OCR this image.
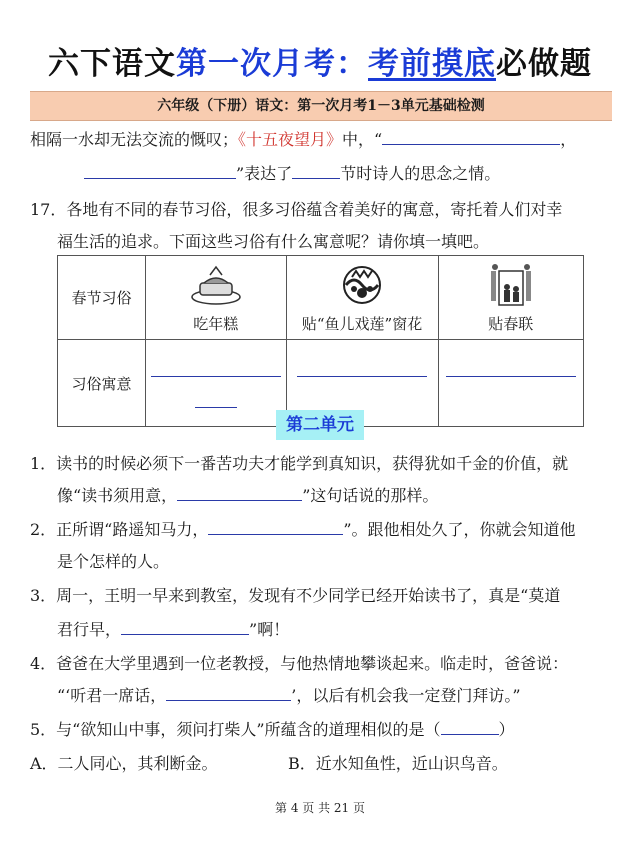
六下语文第一次月考：考前摸底必做题
六年级（下册）语文：第一次月考1－3单元基础检测
相隔一水却无法交流的慨叹；《十五夜望月》中，“	，
”表达了	节时诗人的思念之情。
17．各地有不同的春节习俗，很多习俗蕴含着美好的寓意，寄托着人们对幸
福生活的追求。下面这些习俗有什么寓意呢？请你填一填吧。
春节习俗	吃年糕	贴“鱼儿戏莲”窗花	贴春联
习俗寓意	

第二单元
1．读书的时候必须下一番苦功夫才能学到真知识，获得犹如千金的价值，就
像“读书须用意，	”这句话说的那样。
2．正所谓“路遥知马力，	”。跟他相处久了，你就会知道他
是个怎样的人。
3．周一，王明一早来到教室，发现有不少同学已经开始读书了，真是“莫道
君行早，	”啊！
4．爸爸在大学里遇到一位老教授，与他热情地攀谈起来。临走时，爸爸说：
“‘听君一席话，	’，以后有机会我一定登门拜访。”
5．与“欲知山中事，须问打柴人”所蕴含的道理相似的是（	）
A．二人同心，其利断金。	B．近水知鱼性，近山识鸟音。
第 4 页 共 21 页
